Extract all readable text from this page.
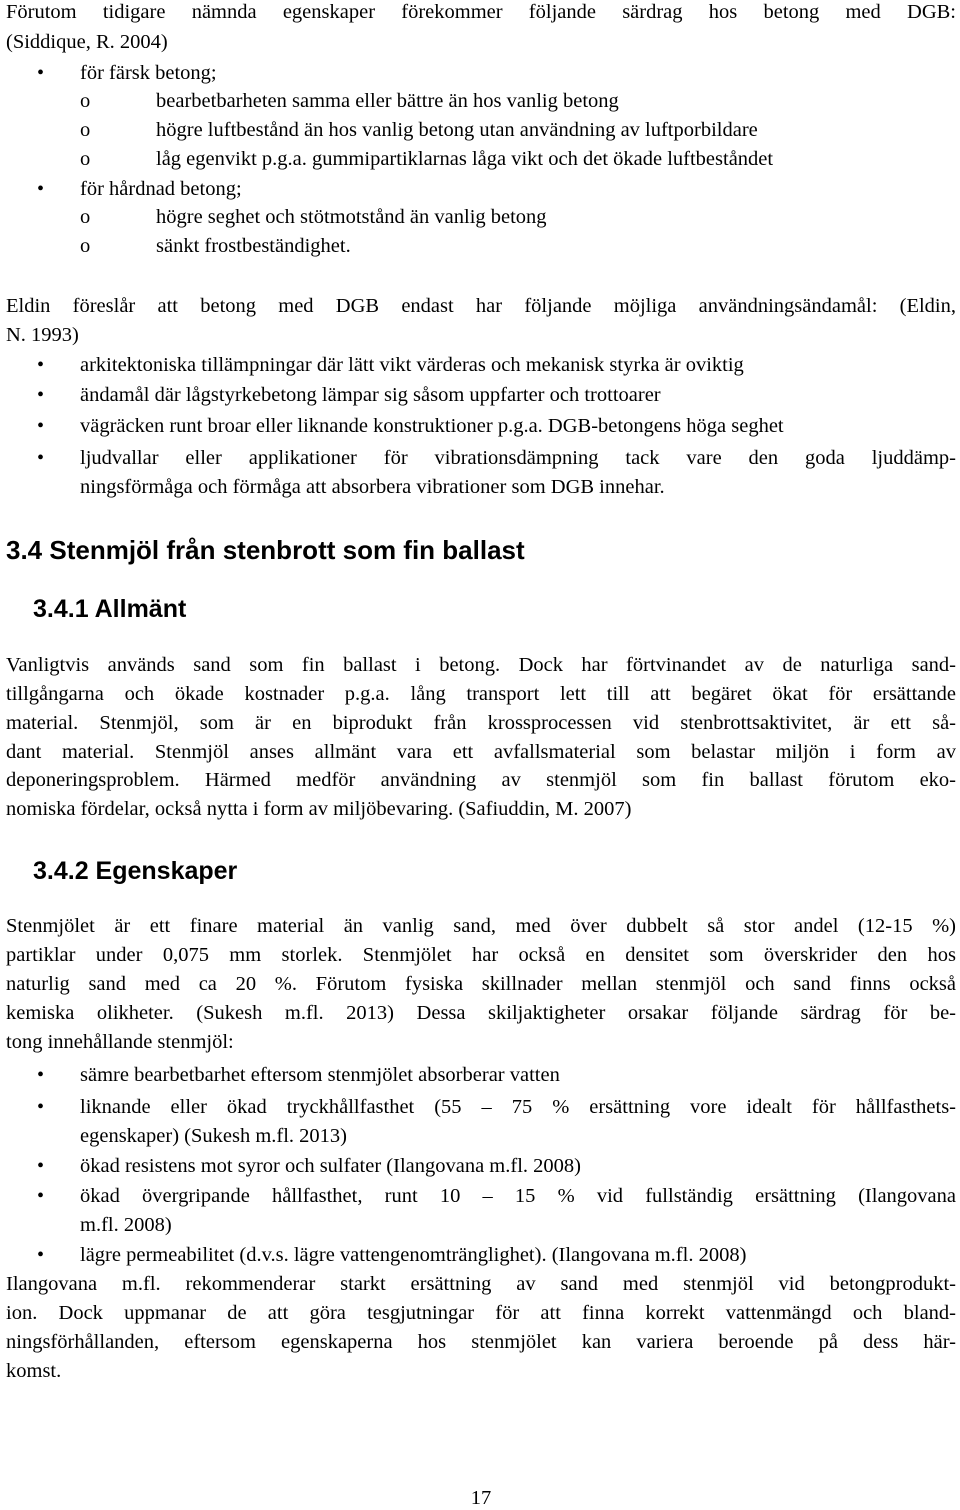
Förutom tidigare nämnda egenskaper förekommer följande särdrag hos betong med DGB:
(Siddique, R. 2004)
• för färsk betong;
o	bearbetbarheten samma eller bättre än hos vanlig betong
o	högre luftbestånd än hos vanlig betong utan användning av luftporbildare
o	låg egenvikt p.g.a. gummipartiklarnas låga vikt och det ökade luftbeståndet
• för hårdnad betong;
o	högre seghet och stötmotstånd än vanlig betong
o	sänkt frostbeständighet.
Eldin föreslår att betong med DGB endast har följande möjliga användningsändamål: (Eldin,
N. 1993)
• arkitektoniska tillämpningar där lätt vikt värderas och mekanisk styrka är oviktig
• ändamål där lågstyrkebetong lämpar sig såsom uppfarter och trottoarer
• vägräcken runt broar eller liknande konstruktioner p.g.a. DGB-betongens höga seghet
• ljudvallar eller applikationer för vibrationsdämpning tack vare den goda ljuddämp-
ningsförmåga och förmåga att absorbera vibrationer som DGB innehar.
3.4 Stenmjöl från stenbrott som fin ballast
3.4.1 Allmänt
Vanligtvis används sand som fin ballast i betong. Dock har förtvinandet av de naturliga sand-
tillgångarna och ökade kostnader p.g.a. lång transport lett till att begäret ökat för ersättande
material. Stenmjöl, som är en biprodukt från krossprocessen vid stenbrottsaktivitet, är ett så-
dant material. Stenmjöl anses allmänt vara ett avfallsmaterial som belastar miljön i form av
deponeringsproblem. Härmed medför användning av stenmjöl som fin ballast förutom eko-
nomiska fördelar, också nytta i form av miljöbevaring. (Safiuddin, M. 2007)
3.4.2 Egenskaper
Stenmjölet är ett finare material än vanlig sand, med över dubbelt så stor andel (12-15 %)
partiklar under 0,075 mm storlek. Stenmjölet har också en densitet som överskrider den hos
naturlig sand med ca 20 %. Förutom fysiska skillnader mellan stenmjöl och sand finns också
kemiska olikheter. (Sukesh m.fl. 2013) Dessa skiljaktigheter orsakar följande särdrag för be-
tong innehållande stenmjöl:
• sämre bearbetbarhet eftersom stenmjölet absorberar vatten
• liknande eller ökad tryckhållfasthet (55 – 75 % ersättning vore idealt för hållfasthets-
egenskaper) (Sukesh m.fl. 2013)
• ökad resistens mot syror och sulfater (Ilangovana m.fl. 2008)
• ökad övergripande hållfasthet, runt 10 – 15 % vid fullständig ersättning (Ilangovana
m.fl. 2008)
• lägre permeabilitet (d.v.s. lägre vattengenomtränglighet). (Ilangovana m.fl. 2008)
Ilangovana m.fl. rekommenderar starkt ersättning av sand med stenmjöl vid betongprodukt-
ion. Dock uppmanar de att göra tesgjutningar för att finna korrekt vattenmängd och bland-
ningsförhållanden, eftersom egenskaperna hos stenmjölet kan variera beroende på dess här-
komst.
17
